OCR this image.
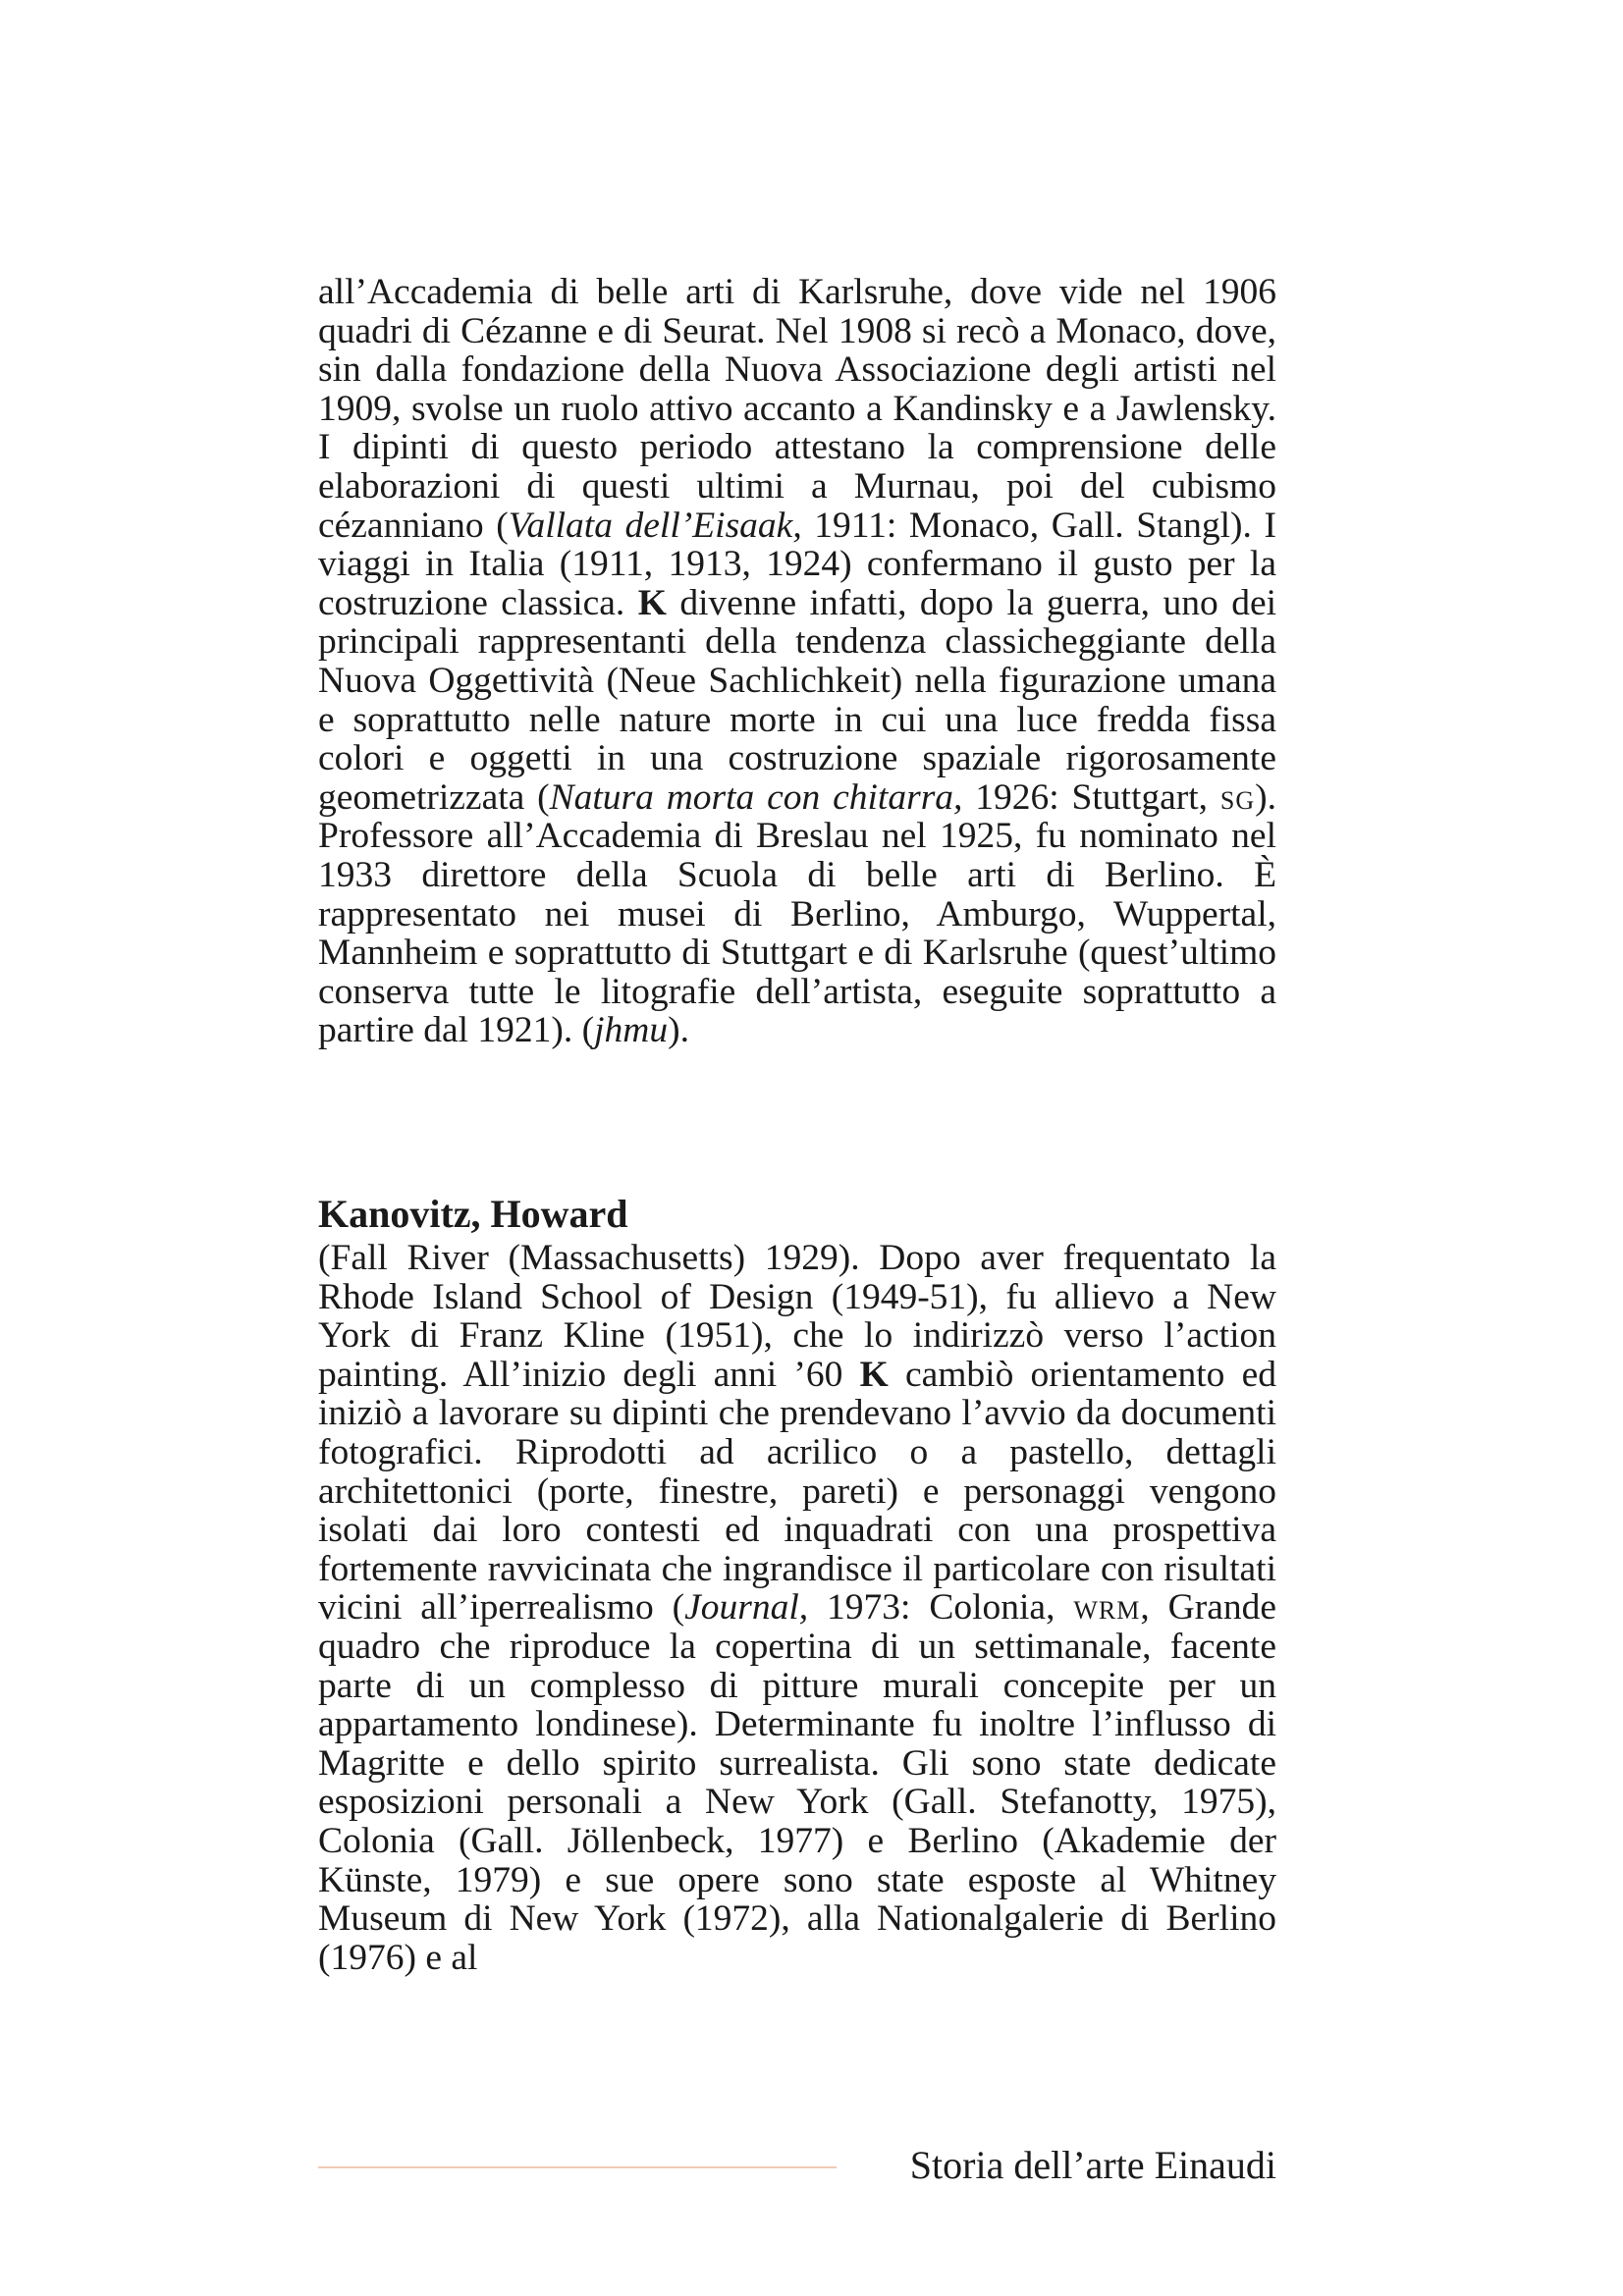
all’Accademia di belle arti di Karlsruhe, dove vide nel 1906 quadri di Cézanne e di Seurat. Nel 1908 si recò a Monaco, dove, sin dalla fondazione della Nuova Associazione degli artisti nel 1909, svolse un ruolo attivo accanto a Kandinsky e a Jawlensky. I dipinti di questo periodo attestano la comprensione delle elaborazioni di questi ultimi a Murnau, poi del cubismo cézanniano (Vallata dell’Eisaak, 1911: Monaco, Gall. Stangl). I viaggi in Italia (1911, 1913, 1924) confermano il gusto per la costruzione classica. K divenne infatti, dopo la guerra, uno dei principali rappresentanti della tendenza classicheggiante della Nuova Oggettività (Neue Sachlichkeit) nella figurazione umana e soprattutto nelle nature morte in cui una luce fredda fissa colori e oggetti in una costruzione spaziale rigorosamente geometrizzata (Natura morta con chitarra, 1926: Stuttgart, sg). Professore all’Accademia di Breslau nel 1925, fu nominato nel 1933 direttore della Scuola di belle arti di Berlino. È rappresentato nei musei di Berlino, Amburgo, Wuppertal, Mannheim e soprattutto di Stuttgart e di Karlsruhe (quest’ultimo conserva tutte le litografie dell’artista, eseguite soprattutto a partire dal 1921). (jhmu).

Kanovitz, Howard

(Fall River (Massachusetts) 1929). Dopo aver frequentato la Rhode Island School of Design (1949-51), fu allievo a New York di Franz Kline (1951), che lo indirizzò verso l’action painting. All’inizio degli anni ’60 K cambiò orientamento ed iniziò a lavorare su dipinti che prendevano l’avvio da documenti fotografici. Riprodotti ad acrilico o a pastello, dettagli architettonici (porte, finestre, pareti) e personaggi vengono isolati dai loro contesti ed inquadrati con una prospettiva fortemente ravvicinata che ingrandisce il particolare con risultati vicini all’iperrealismo (Journal, 1973: Colonia, wrm, Grande quadro che riproduce la copertina di un settimanale, facente parte di un complesso di pitture murali concepite per un appartamento londinese). Determinante fu inoltre l’influsso di Magritte e dello spirito surrealista. Gli sono state dedicate esposizioni personali a New York (Gall. Stefanotty, 1975), Colonia (Gall. Jöllenbeck, 1977) e Berlino (Akademie der Künste, 1979) e sue opere sono state esposte al Whitney Museum di New York (1972), alla Nationalgalerie di Berlino (1976) e al

Storia dell’arte Einaudi
